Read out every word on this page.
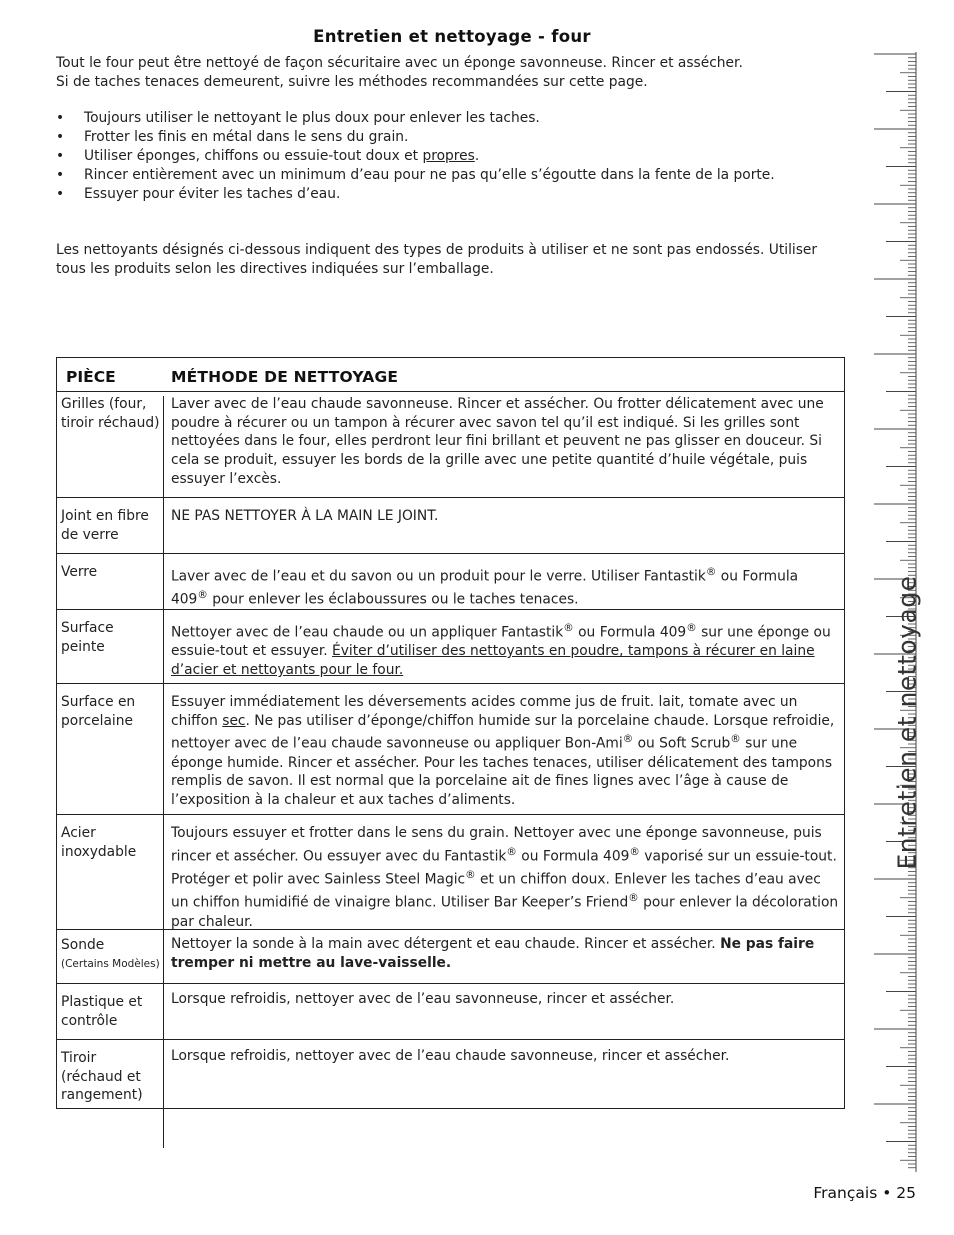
Entretien et nettoyage - four
Tout le four peut être nettoyé de façon sécuritaire avec un éponge savonneuse. Rincer et assécher.
Si de taches tenaces demeurent, suivre les méthodes recommandées sur cette page.
• Toujours utiliser le nettoyant le plus doux pour enlever les taches.
• Frotter les finis en métal dans le sens du grain.
• Utiliser éponges, chiffons ou essuie-tout doux et propres.
• Rincer entièrement avec un minimum d’eau pour ne pas qu’elle s’égoutte dans la fente de la porte.
• Essuyer pour éviter les taches d’eau.
Les nettoyants désignés ci-dessous indiquent des types de produits à utiliser et ne sont pas endossés. Utiliser tous les produits selon les directives indiquées sur l’emballage.
PIÈCE	MÉTHODE DE NETTOYAGE
Grilles (four, tiroir réchaud)
Laver avec de l’eau chaude savonneuse. Rincer et assécher. Ou frotter délicatement avec une poudre à récurer ou un tampon à récurer avec savon tel qu’il est indiqué. Si les grilles sont nettoyées dans le four, elles perdront leur fini brillant et peuvent ne pas glisser en douceur. Si cela se produit, essuyer les bords de la grille avec une petite quantité d’huile végétale, puis essuyer l’excès.
Joint en fibre de verre
NE PAS NETTOYER À LA MAIN LE JOINT.
Verre	Laver avec de l’eau et du savon ou un produit pour le verre. Utiliser Fantastik® ou Formula 409® pour enlever les éclaboussures ou le taches tenaces.
Surface peinte
Nettoyer avec de l’eau chaude ou un appliquer Fantastik® ou Formula 409® sur une éponge ou essuie-tout et essuyer. Éviter d’utiliser des nettoyants en poudre, tampons à récurer en laine d’acier et nettoyants pour le four.
Surface en porcelaine
Essuyer immédiatement les déversements acides comme jus de fruit. lait, tomate avec un chiffon sec. Ne pas utiliser d’éponge/chiffon humide sur la porcelaine chaude. Lorsque refroidie, nettoyer avec de l’eau chaude savonneuse ou appliquer Bon-Ami® ou Soft Scrub® sur une éponge humide. Rincer et assécher. Pour les taches tenaces, utiliser délicatement des tampons remplis de savon. Il est normal que la porcelaine ait de fines lignes avec l’âge à cause de l’exposition à la chaleur et aux taches d’aliments.
Acier inoxydable
Toujours essuyer et frotter dans le sens du grain. Nettoyer avec une éponge savonneuse, puis rincer et assécher. Ou essuyer avec du Fantastik® ou Formula 409® vaporisé sur un essuie-tout. Protéger et polir avec Sainless Steel Magic® et un chiffon doux. Enlever les taches d’eau avec un chiffon humidifié de vinaigre blanc. Utiliser Bar Keeper’s Friend® pour enlever la décoloration par chaleur.
Sonde
(Certains Modèles)
Nettoyer la sonde à la main avec détergent et eau chaude. Rincer et assécher. Ne pas faire tremper ni mettre au lave-vaisselle.
Plastique et contrôle
Lorsque refroidis, nettoyer avec de l’eau savonneuse, rincer et assécher.
Tiroir (réchaud et rangement)
Lorsque refroidis, nettoyer avec de l’eau chaude savonneuse, rincer et assécher.
Entretien et nettoyage
Français • 25
